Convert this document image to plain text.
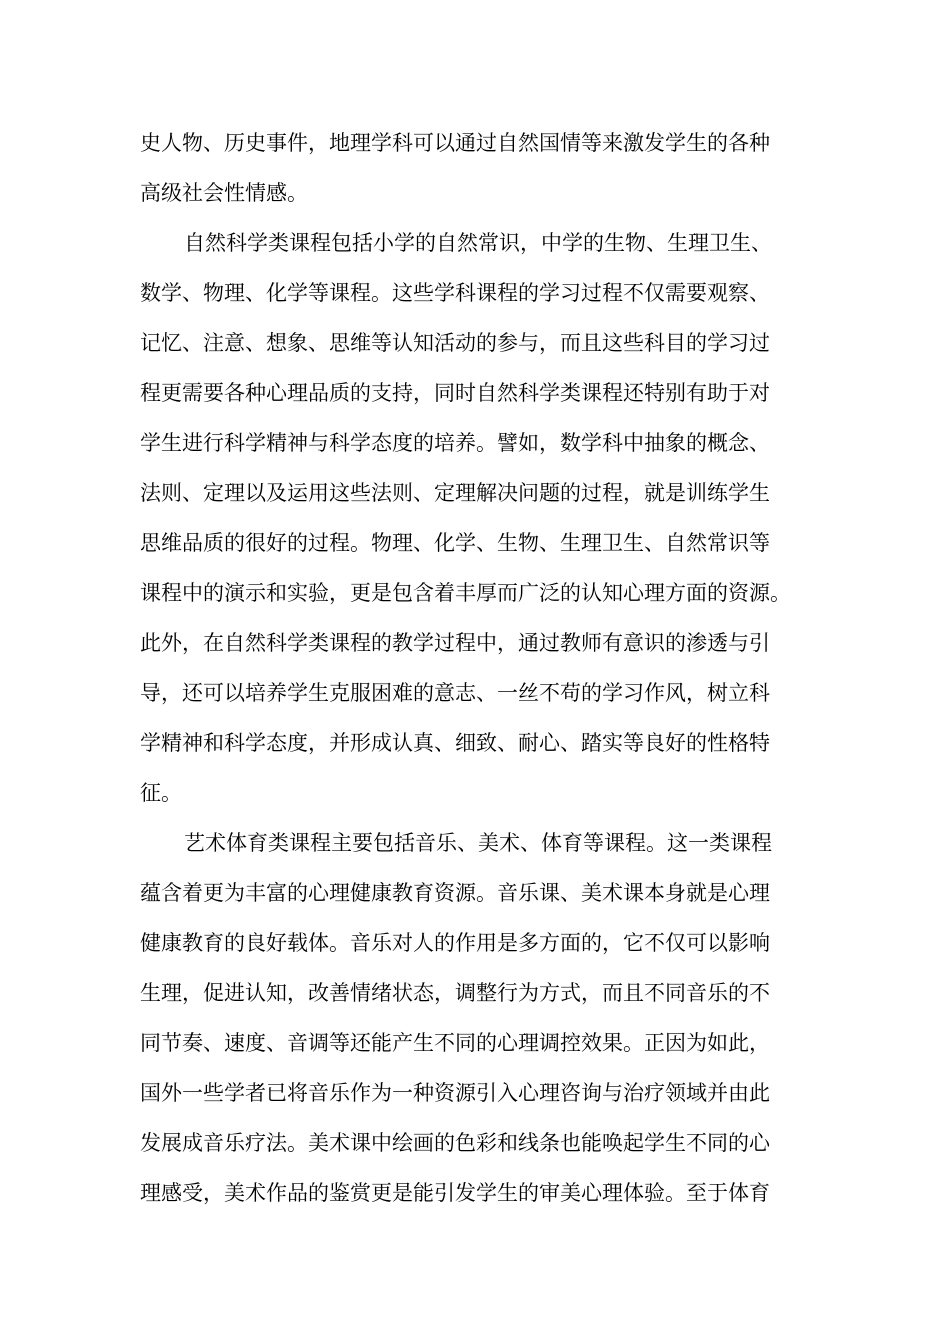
史人物、历史事件，地理学科可以通过自然国情等来激发学生的各种
高级社会性情感。
自然科学类课程包括小学的自然常识，中学的生物、生理卫生、
数学、物理、化学等课程。这些学科课程的学习过程不仅需要观察、
记忆、注意、想象、思维等认知活动的参与，而且这些科目的学习过
程更需要各种心理品质的支持，同时自然科学类课程还特别有助于对
学生进行科学精神与科学态度的培养。譬如，数学科中抽象的概念、
法则、定理以及运用这些法则、定理解决问题的过程，就是训练学生
思维品质的很好的过程。物理、化学、生物、生理卫生、自然常识等
课程中的演示和实验，更是包含着丰厚而广泛的认知心理方面的资源。
此外，在自然科学类课程的教学过程中，通过教师有意识的渗透与引
导，还可以培养学生克服困难的意志、一丝不苟的学习作风，树立科
学精神和科学态度，并形成认真、细致、耐心、踏实等良好的性格特
征。
艺术体育类课程主要包括音乐、美术、体育等课程。这一类课程
蕴含着更为丰富的心理健康教育资源。音乐课、美术课本身就是心理
健康教育的良好载体。音乐对人的作用是多方面的，它不仅可以影响
生理，促进认知，改善情绪状态，调整行为方式，而且不同音乐的不
同节奏、速度、音调等还能产生不同的心理调控效果。正因为如此，
国外一些学者已将音乐作为一种资源引入心理咨询与治疗领域并由此
发展成音乐疗法。美术课中绘画的色彩和线条也能唤起学生不同的心
理感受，美术作品的鉴赏更是能引发学生的审美心理体验。至于体育
